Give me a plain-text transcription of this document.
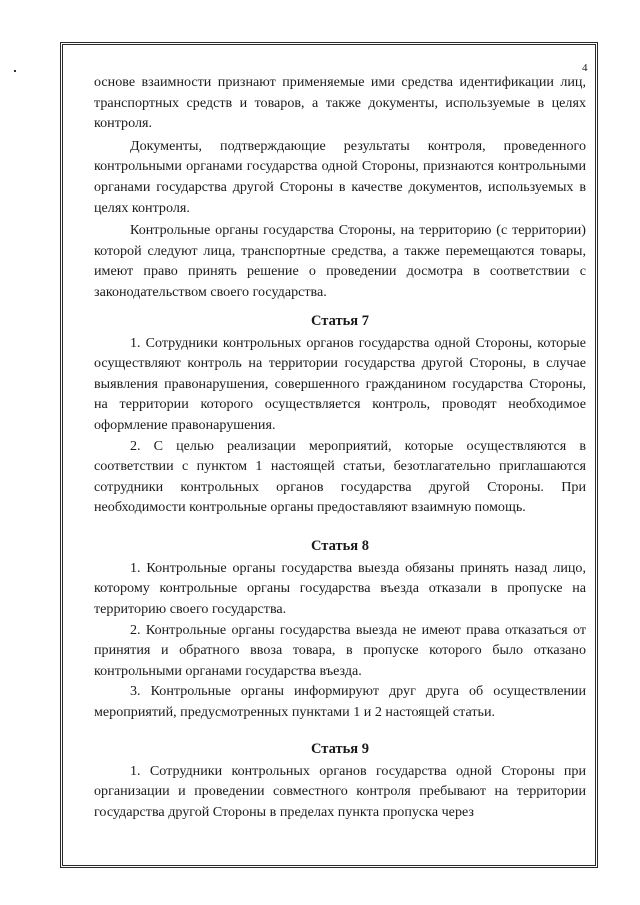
4

основе взаимности признают применяемые ими средства идентификации лиц, транспортных средств и товаров, а также документы, используемые в целях контроля.

Документы, подтверждающие результаты контроля, проведенного контрольными органами государства одной Стороны, признаются контрольными органами государства другой Стороны в качестве документов, используемых в целях контроля.

Контрольные органы государства Стороны, на территорию (с территории) которой следуют лица, транспортные средства, а также перемещаются товары, имеют право принять решение о проведении досмотра в соответствии с законодательством своего государства.

Статья 7

1. Сотрудники контрольных органов государства одной Стороны, которые осуществляют контроль на территории государства другой Стороны, в случае выявления правонарушения, совершенного гражданином государства Стороны, на территории которого осуществляется контроль, проводят необходимое оформление правонарушения.

2. С целью реализации мероприятий, которые осуществляются в соответствии с пунктом 1 настоящей статьи, безотлагательно приглашаются сотрудники контрольных органов государства другой Стороны. При необходимости контрольные органы предоставляют взаимную помощь.

Статья 8

1. Контрольные органы государства выезда обязаны принять назад лицо, которому контрольные органы государства въезда отказали в пропуске на территорию своего государства.

2. Контрольные органы государства выезда не имеют права отказаться от принятия и обратного ввоза товара, в пропуске которого было отказано контрольными органами государства въезда.

3. Контрольные органы информируют друг друга об осуществлении мероприятий, предусмотренных пунктами 1 и 2 настоящей статьи.

Статья 9

1. Сотрудники контрольных органов государства одной Стороны при организации и проведении совместного контроля пребывают на территории государства другой Стороны в пределах пункта пропуска через
